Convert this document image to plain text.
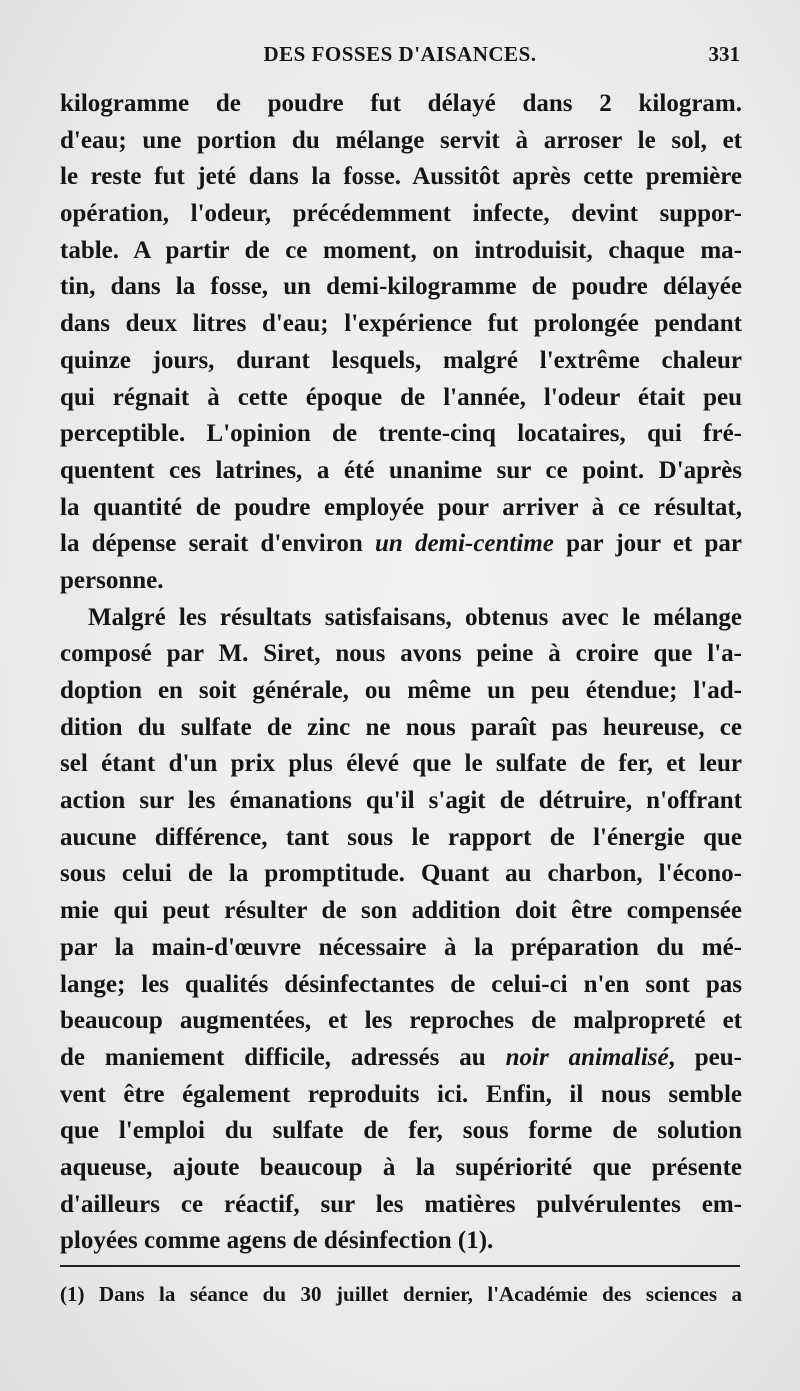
DES FOSSES D'AISANCES.	331
kilogramme de poudre fut délayé dans 2 kilogram.
d'eau; une portion du mélange servit à arroser le sol, et
le reste fut jeté dans la fosse. Aussitôt après cette première
opération, l'odeur, précédemment infecte, devint suppor-
table. A partir de ce moment, on introduisit, chaque ma-
tin, dans la fosse, un demi-kilogramme de poudre délayée
dans deux litres d'eau; l'expérience fut prolongée pendant
quinze jours, durant lesquels, malgré l'extrême chaleur
qui régnait à cette époque de l'année, l'odeur était peu
perceptible. L'opinion de trente-cinq locataires, qui fré-
quentent ces latrines, a été unanime sur ce point. D'après
la quantité de poudre employée pour arriver à ce résultat,
la dépense serait d'environ un demi-centime par jour et par
personne.
Malgré les résultats satisfaisans, obtenus avec le mélange
composé par M. Siret, nous avons peine à croire que l'a-
doption en soit générale, ou même un peu étendue; l'ad-
dition du sulfate de zinc ne nous paraît pas heureuse, ce
sel étant d'un prix plus élevé que le sulfate de fer, et leur
action sur les émanations qu'il s'agit de détruire, n'offrant
aucune différence, tant sous le rapport de l'énergie que
sous celui de la promptitude. Quant au charbon, l'écono-
mie qui peut résulter de son addition doit être compensée
par la main-d'œuvre nécessaire à la préparation du mé-
lange; les qualités désinfectantes de celui-ci n'en sont pas
beaucoup augmentées, et les reproches de malpropreté et
de maniement difficile, adressés au noir animalisé, peu-
vent être également reproduits ici. Enfin, il nous semble
que l'emploi du sulfate de fer, sous forme de solution
aqueuse, ajoute beaucoup à la supériorité que présente
d'ailleurs ce réactif, sur les matières pulvérulentes em-
ployées comme agens de désinfection (1).
(1) Dans la séance du 30 juillet dernier, l'Académie des sciences a
